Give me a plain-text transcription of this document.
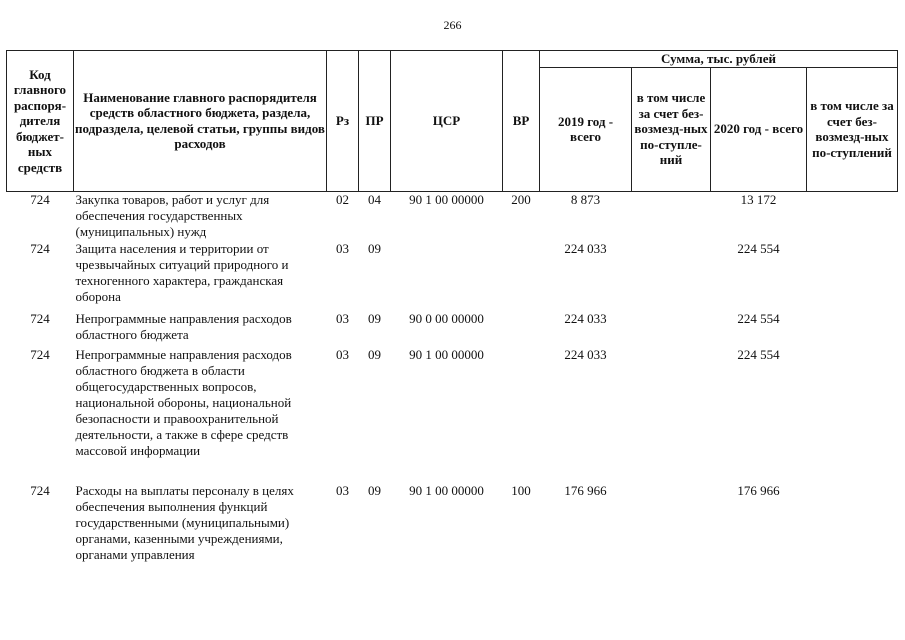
266
Код главного распоря-дителя бюджет-ных средств	Наименование главного распорядителя средств областного бюджета, раздела, подраздела, целевой статьи, группы видов расходов	Рз	ПР	ЦСР	ВР	Сумма, тыс. рублей			
						2019 год - всего	в том числе за счет без-возмезд-ных по-ступле-ний	2020 год - всего	в том числе за счет без-возмезд-ных по-ступлений
724	Закупка товаров, работ и услуг для обеспечения государственных (муниципальных) нужд	02	04	90 1 00 00000	200	8 873		13 172	
724	Защита населения и территории от чрезвычайных ситуаций природного и техногенного характера, гражданская оборона	03	09			224 033		224 554	
724	Непрограммные направления расходов областного бюджета	03	09	90 0 00 00000		224 033		224 554	
724	Непрограммные направления расходов областного бюджета в области общегосударственных вопросов, национальной обороны, национальной безопасности и правоохранительной деятельности, а также в сфере средств массовой информации	03	09	90 1 00 00000		224 033		224 554	
724	Расходы на выплаты персоналу в целях обеспечения выполнения функций государственными (муниципальными) органами, казенными учреждениями, органами управления	03	09	90 1 00 00000	100	176 966		176 966	
